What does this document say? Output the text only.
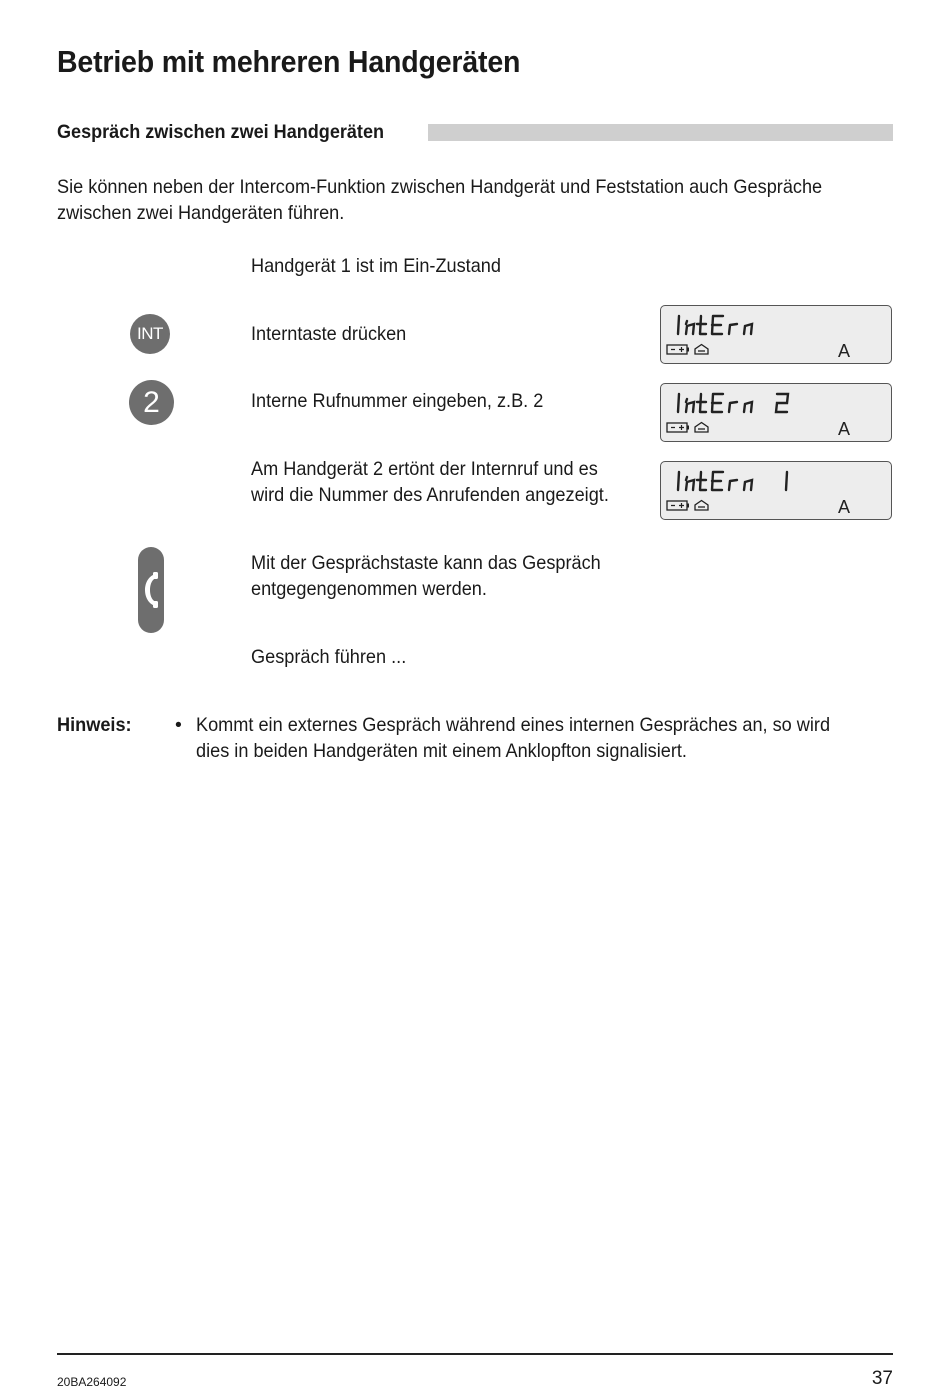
Betrieb mit mehreren Handgeräten
Gespräch zwischen zwei Handgeräten
Sie können neben der Intercom-Funktion zwischen Handgerät und Feststation auch Gespräche
zwischen zwei Handgeräten führen.
Handgerät 1 ist im Ein-Zustand
INT	Interntaste drücken
2	Interne Rufnummer eingeben, z.B. 2
Am Handgerät 2 ertönt der Internruf und es
wird die Nummer des Anrufenden angezeigt.
Mit der Gesprächstaste kann das Gespräch
entgegengenommen werden.
Gespräch führen ...
A
A
A
Hinweis: • Kommt ein externes Gespräch während eines internen Gespräches an, so wird
dies in beiden Handgeräten mit einem Anklopfton signalisiert.
20BA264092	37
